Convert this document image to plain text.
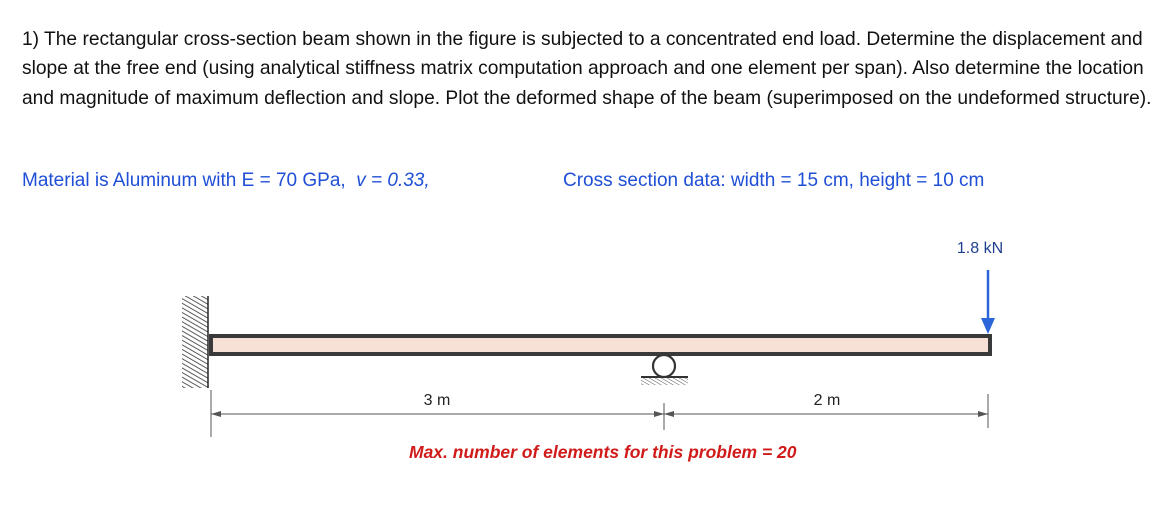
1) The rectangular cross-section beam shown in the figure is subjected to a concentrated end load. Determine the displacement and slope at the free end (using analytical stiffness matrix computation approach and one element per span). Also determine the location and magnitude of maximum deflection and slope. Plot the deformed shape of the beam (superimposed on the undeformed structure).

Material is Aluminum with E = 70 GPa, v = 0.33,	Cross section data: width = 15 cm, height = 10 cm

1.8 kN
3 m	2 m
Max. number of elements for this problem = 20
